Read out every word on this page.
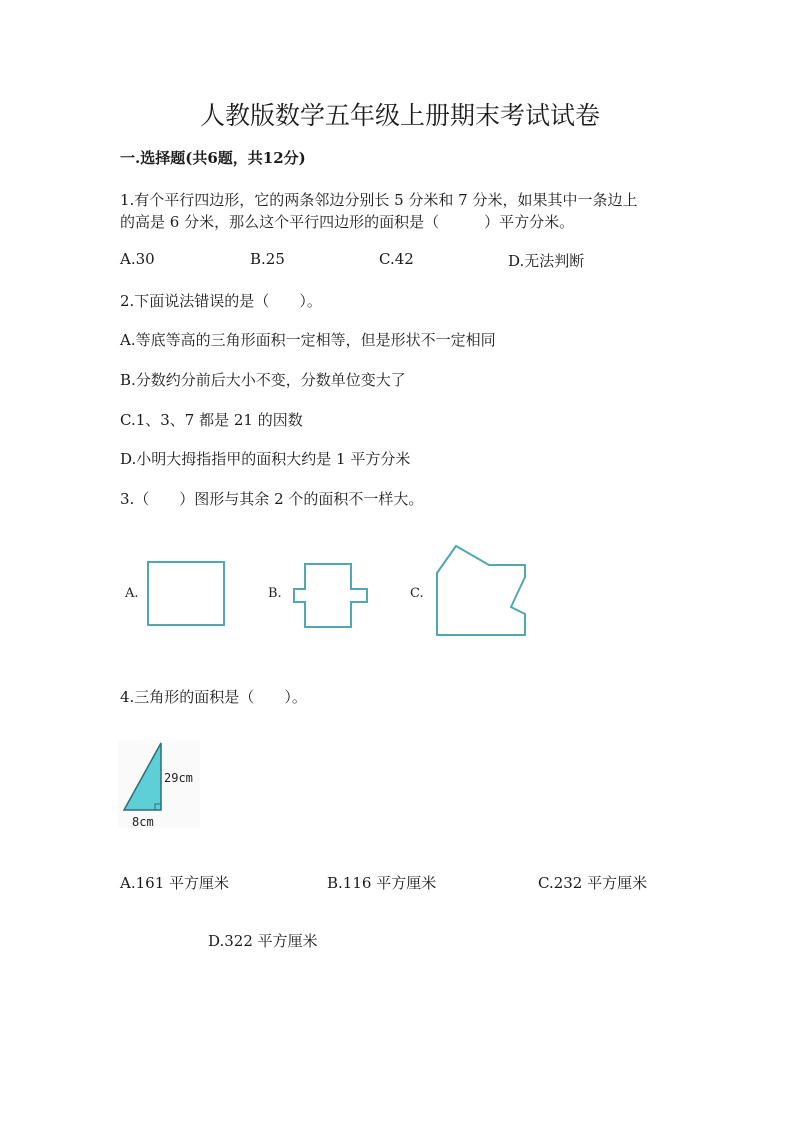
人教版数学五年级上册期末考试试卷
一.选择题(共6题，共12分)
1.有个平行四边形，它的两条邻边分别长 5 分米和 7 分米，如果其中一条边上
的高是 6 分米，那么这个平行四边形的面积是（　　　）平方分米。
A.30	B.25	C.42	D.无法判断
2.下面说法错误的是（　　）。
A.等底等高的三角形面积一定相等，但是形状不一定相同
B.分数约分前后大小不变，分数单位变大了
C.1、3、7 都是 21 的因数
D.小明大拇指指甲的面积大约是 1 平方分米
3.（　　）图形与其余 2 个的面积不一样大。
A.	B.	C.
4.三角形的面积是（　　）。
29cm
8cm
A.161 平方厘米	B.116 平方厘米	C.232 平方厘米
D.322 平方厘米
